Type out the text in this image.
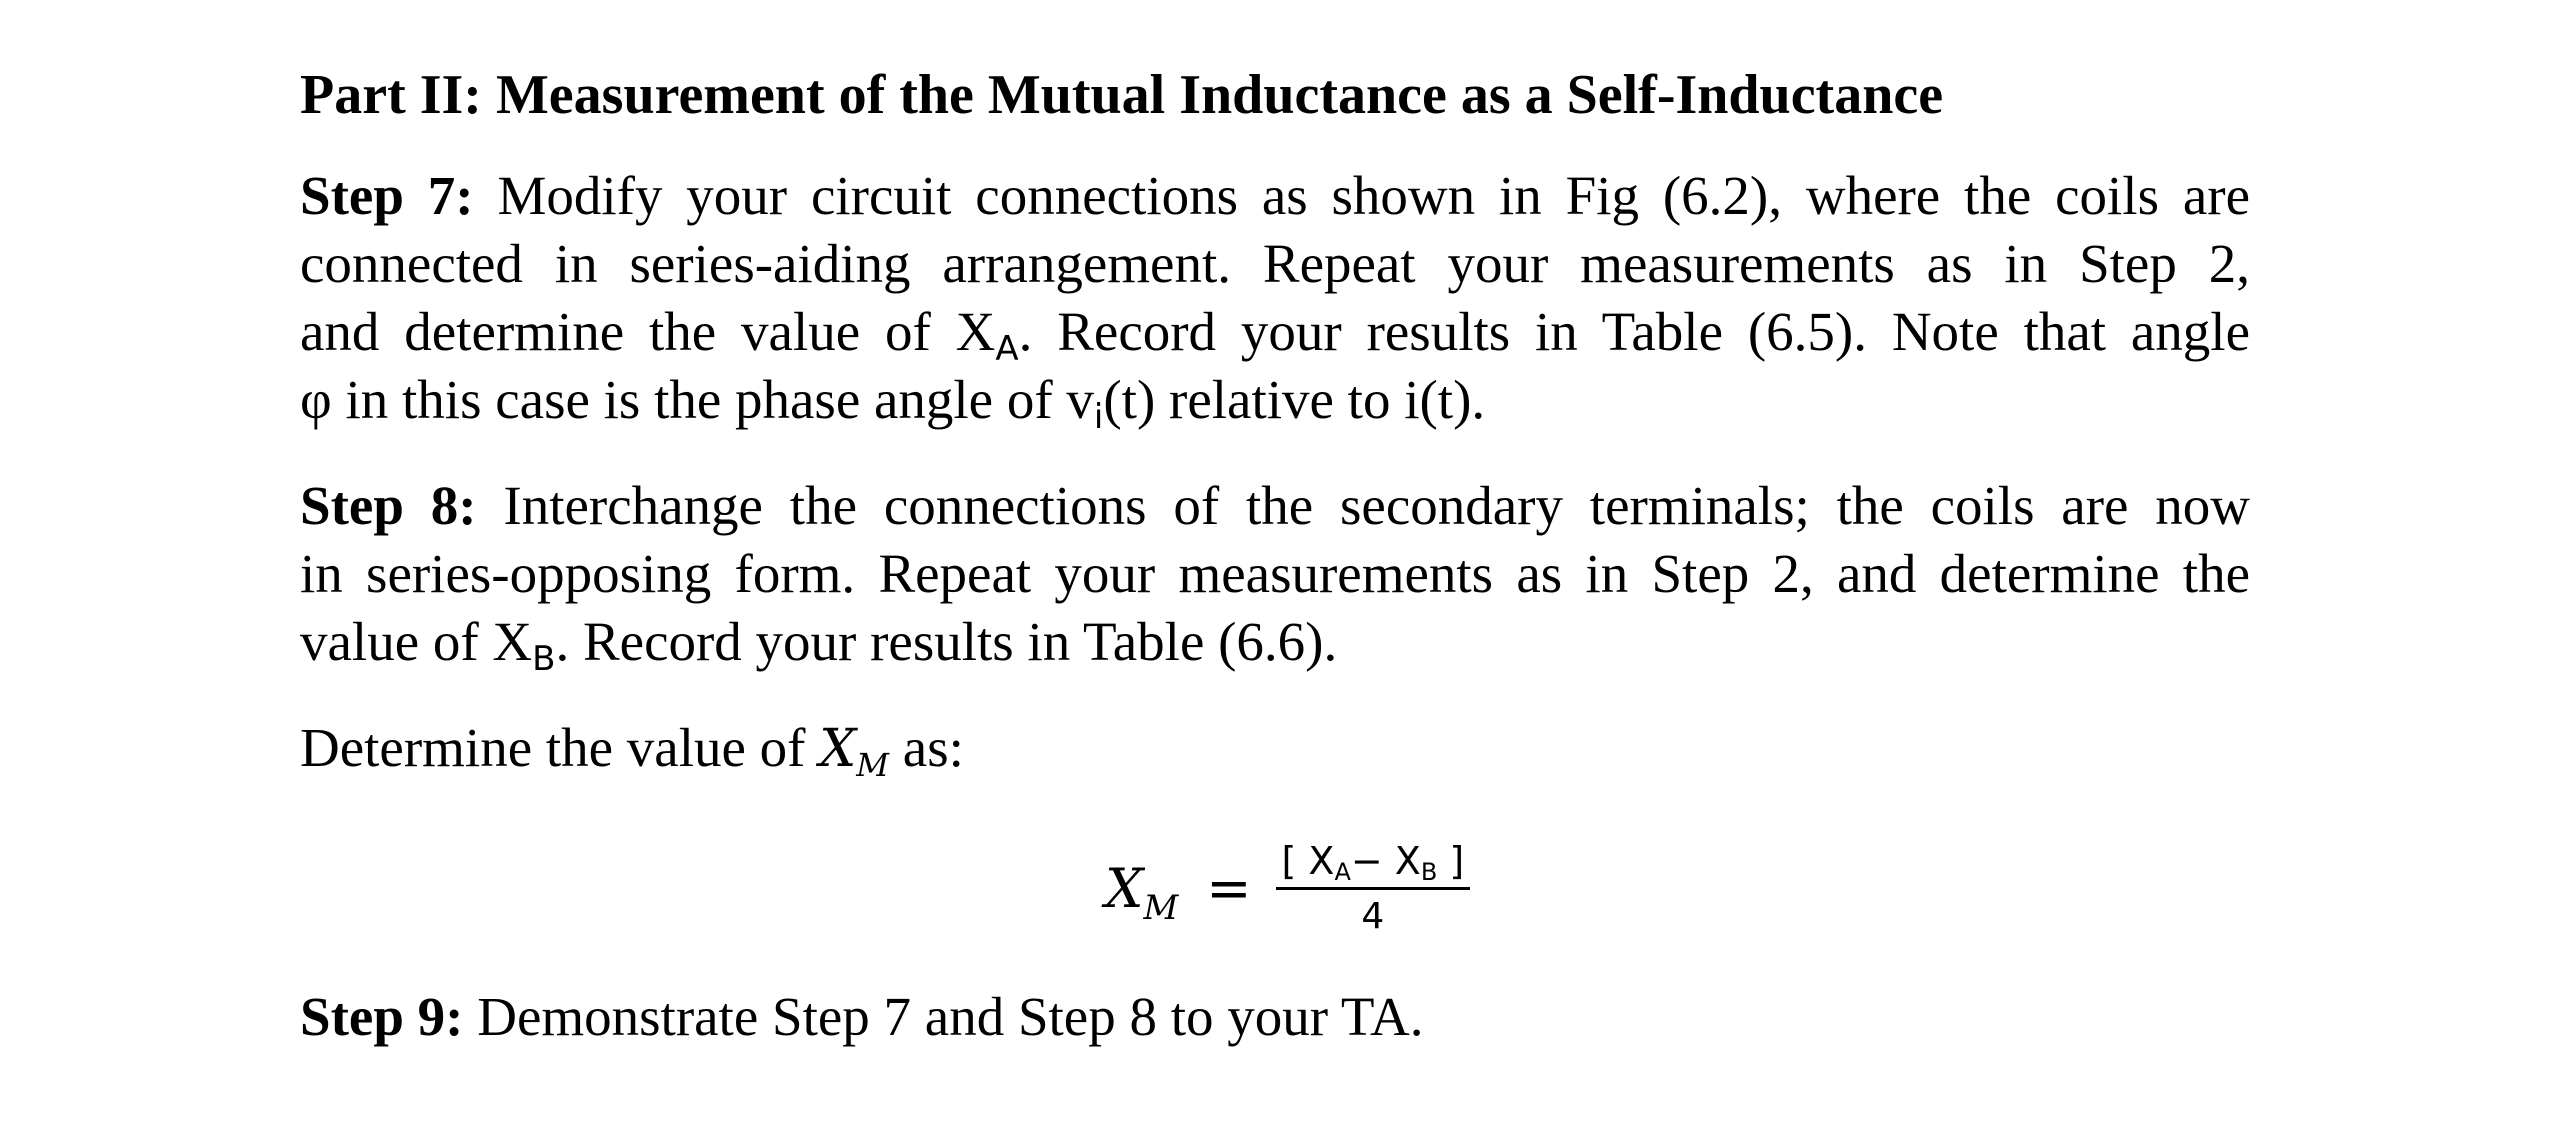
Part II: Measurement of the Mutual Inductance as a Self-Inductance
Step 7: Modify your circuit connections as shown in Fig (6.2), where the coils are
connected in series-aiding arrangement. Repeat your measurements as in Step 2,
and determine the value of $X_A$. Record your results in Table (6.5). Note that angle
φ in this case is the phase angle of $v_i(t)$ relative to i(t).
Step 8: Interchange the connections of the secondary terminals; the coils are now
in series-opposing form. Repeat your measurements as in Step 2, and determine the
value of $X_B$. Record your results in Table (6.6).
Determine the value of $X_M$ as:
$X_M = \frac{[ X_A- X_B ]}{4}$
Step 9: Demonstrate Step 7 and Step 8 to your TA.
